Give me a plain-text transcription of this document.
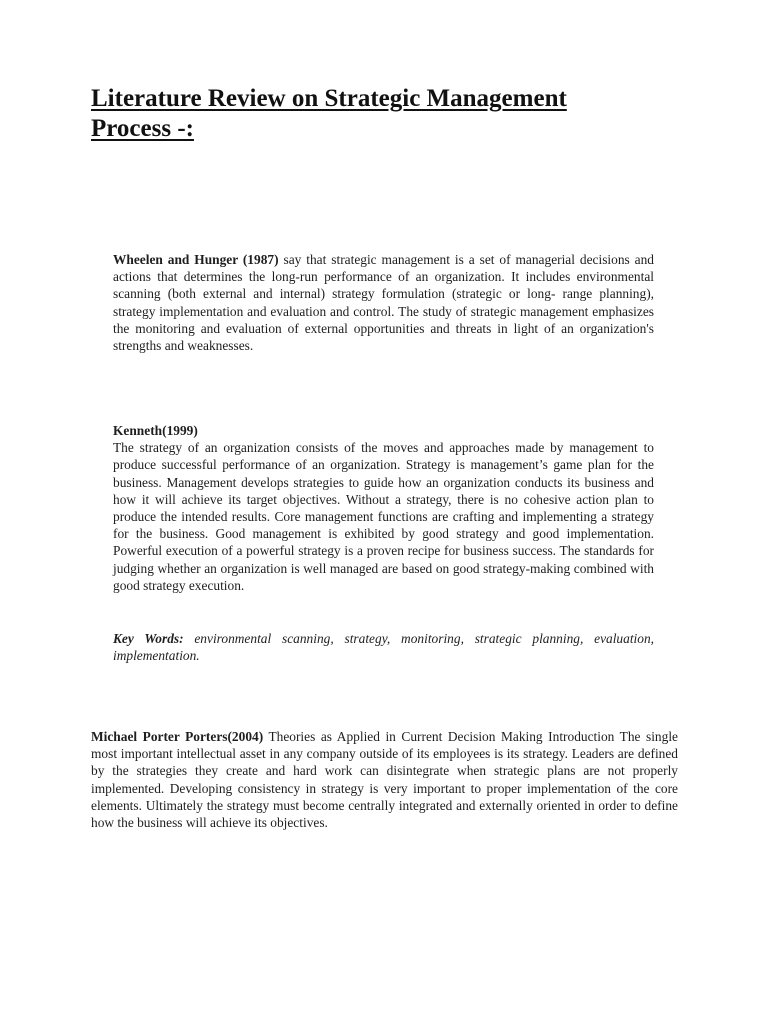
Literature Review on Strategic Management Process -:

Wheelen and Hunger (1987) say that strategic management is a set of managerial decisions and actions that determines the long-run performance of an organization. It includes environmental scanning (both external and internal) strategy formulation (strategic or long- range planning), strategy implementation and evaluation and control. The study of strategic management emphasizes the monitoring and evaluation of external opportunities and threats in light of an organization's strengths and weaknesses.

Kenneth(1999)
The strategy of an organization consists of the moves and approaches made by management to produce successful performance of an organization. Strategy is management’s game plan for the business. Management develops strategies to guide how an organization conducts its business and how it will achieve its target objectives. Without a strategy, there is no cohesive action plan to produce the intended results. Core management functions are crafting and implementing a strategy for the business. Good management is exhibited by good strategy and good implementation. Powerful execution of a powerful strategy is a proven recipe for business success. The standards for judging whether an organization is well managed are based on good strategy-making combined with good strategy execution.

Key Words: environmental scanning, strategy, monitoring, strategic planning, evaluation, implementation.

Michael Porter Porters(2004) Theories as Applied in Current Decision Making Introduction The single most important intellectual asset in any company outside of its employees is its strategy. Leaders are defined by the strategies they create and hard work can disintegrate when strategic plans are not properly implemented. Developing consistency in strategy is very important to proper implementation of the core elements. Ultimately the strategy must become centrally integrated and externally oriented in order to define how the business will achieve its objectives.
